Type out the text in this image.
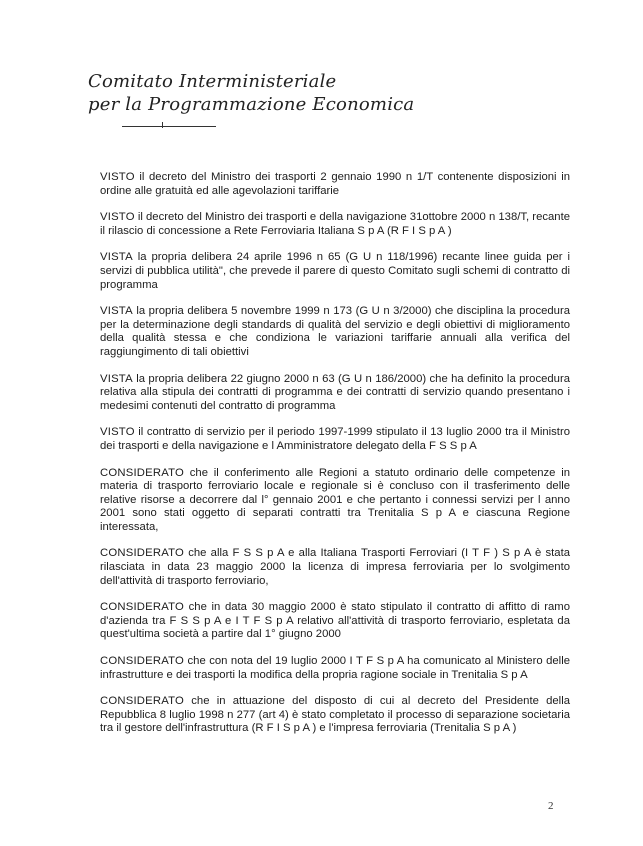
Comitato Interministeriale
per la Programmazione Economica

VISTO il decreto del Ministro dei trasporti 2 gennaio 1990 n 1/T contenente disposizioni in ordine alle gratuità ed alle agevolazioni tariffarie

VISTO il decreto del Ministro dei trasporti e della navigazione 31ottobre 2000 n 138/T, recante il rilascio di concessione a Rete Ferroviaria Italiana S p A (R F I S p A )

VISTA la propria delibera 24 aprile 1996 n 65 (G U n 118/1996) recante linee guida per i servizi di pubblica utilità", che prevede il parere di questo Comitato sugli schemi di contratto di programma

VISTA la propria delibera 5 novembre 1999 n 173 (G U n 3/2000) che disciplina la procedura per la determinazione degli standards di qualità del servizio e degli obiettivi di miglioramento della qualità stessa e che condiziona le variazioni tariffarie annuali alla verifica del raggiungimento di tali obiettivi

VISTA la propria delibera 22 giugno 2000 n 63 (G U n 186/2000) che ha definito la procedura relativa alla stipula dei contratti di programma e dei contratti di servizio quando presentano i medesimi contenuti del contratto di programma

VISTO il contratto di servizio per il periodo 1997-1999 stipulato il 13 luglio 2000 tra il Ministro dei trasporti e della navigazione e l Amministratore delegato della F S S p A

CONSIDERATO che il conferimento alle Regioni a statuto ordinario delle competenze in materia di trasporto ferroviario locale e regionale si è concluso con il trasferimento delle relative risorse a decorrere dal l° gennaio 2001 e che pertanto i connessi servizi per l anno 2001 sono stati oggetto di separati contratti tra Trenitalia S p A e ciascuna Regione interessata,

CONSIDERATO che alla F S S p A e alla Italiana Trasporti Ferroviari (I T F ) S p A è stata rilasciata in data 23 maggio 2000 la licenza di impresa ferroviaria per lo svolgimento dell'attività di trasporto ferroviario,

CONSIDERATO che in data 30 maggio 2000 è stato stipulato il contratto di affitto di ramo d'azienda tra F S S p A e I T F S p A relativo all'attività di trasporto ferroviario, espletata da quest'ultima società a partire dal 1° giugno 2000

CONSIDERATO che con nota del 19 luglio 2000 I T F S p A ha comunicato al Ministero delle infrastrutture e dei trasporti la modifica della propria ragione sociale in Trenitalia S p A

CONSIDERATO che in attuazione del disposto di cui al decreto del Presidente della Repubblica 8 luglio 1998 n 277 (art 4) è stato completato il processo di separazione societaria tra il gestore dell'infrastruttura (R F I S p A ) e l'impresa ferroviaria (Trenitalia S p A )

2
